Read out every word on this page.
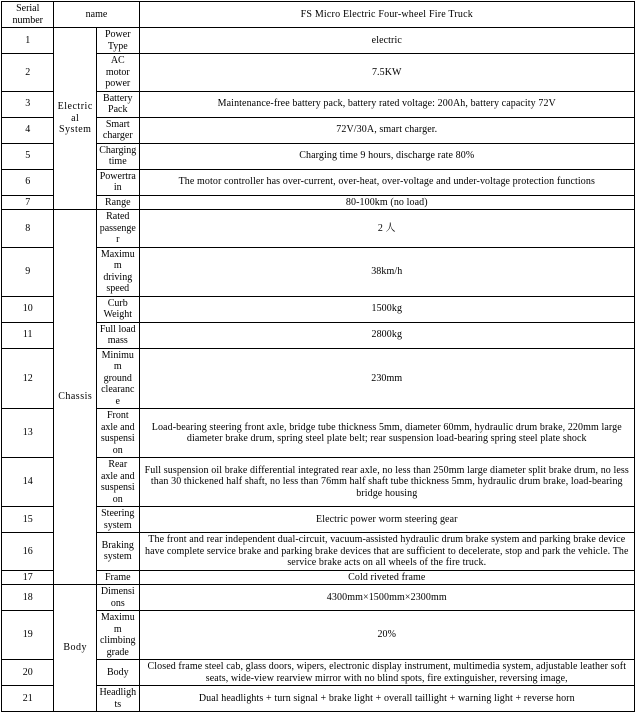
Serial number	name		FS Micro Electric Four-wheel Fire Truck
1	Electrical System	Power Type	electric
2		AC motor power	7.5KW
3		Battery Pack	Maintenance-free battery pack, battery rated voltage: 200Ah, battery capacity 72V
4		Smart charger	72V/30A, smart charger.
5		Charging time	Charging time 9 hours, discharge rate 80%
6		Powertrain	The motor controller has over-current, over-heat, over-voltage and under-voltage protection functions
7		Range	80-100km (no load)
8	Chassis	Rated passenger	2 人
9		Maximum driving speed	38km/h
10		Curb Weight	1500kg
11		Full load mass	2800kg
12		Minimum ground clearance	230mm
13		Front axle and suspension	Load-bearing steering front axle, bridge tube thickness 5mm, diameter 60mm, hydraulic drum brake, 220mm large diameter brake drum, spring steel plate belt; rear suspension load-bearing spring steel plate shock
14		Rear axle and suspension	Full suspension oil brake differential integrated rear axle, no less than 250mm large diameter split brake drum, no less than 30 thickened half shaft, no less than 76mm half shaft tube thickness 5mm, hydraulic drum brake, load-bearing bridge housing
15		Steering system	Electric power worm steering gear
16		Braking system	The front and rear independent dual-circuit, vacuum-assisted hydraulic drum brake system and parking brake device have complete service brake and parking brake devices that are sufficient to decelerate, stop and park the vehicle. The service brake acts on all wheels of the fire truck.
17		Frame	Cold riveted frame
18	Body	Dimensions	4300mm×1500mm×2300mm
19		Maximum climbing grade	20%
20		Body	Closed frame steel cab, glass doors, wipers, electronic display instrument, multimedia system, adjustable leather soft seats, wide-view rearview mirror with no blind spots, fire extinguisher, reversing image,
21		Headlights	Dual headlights + turn signal + brake light + overall taillight + warning light + reverse horn
